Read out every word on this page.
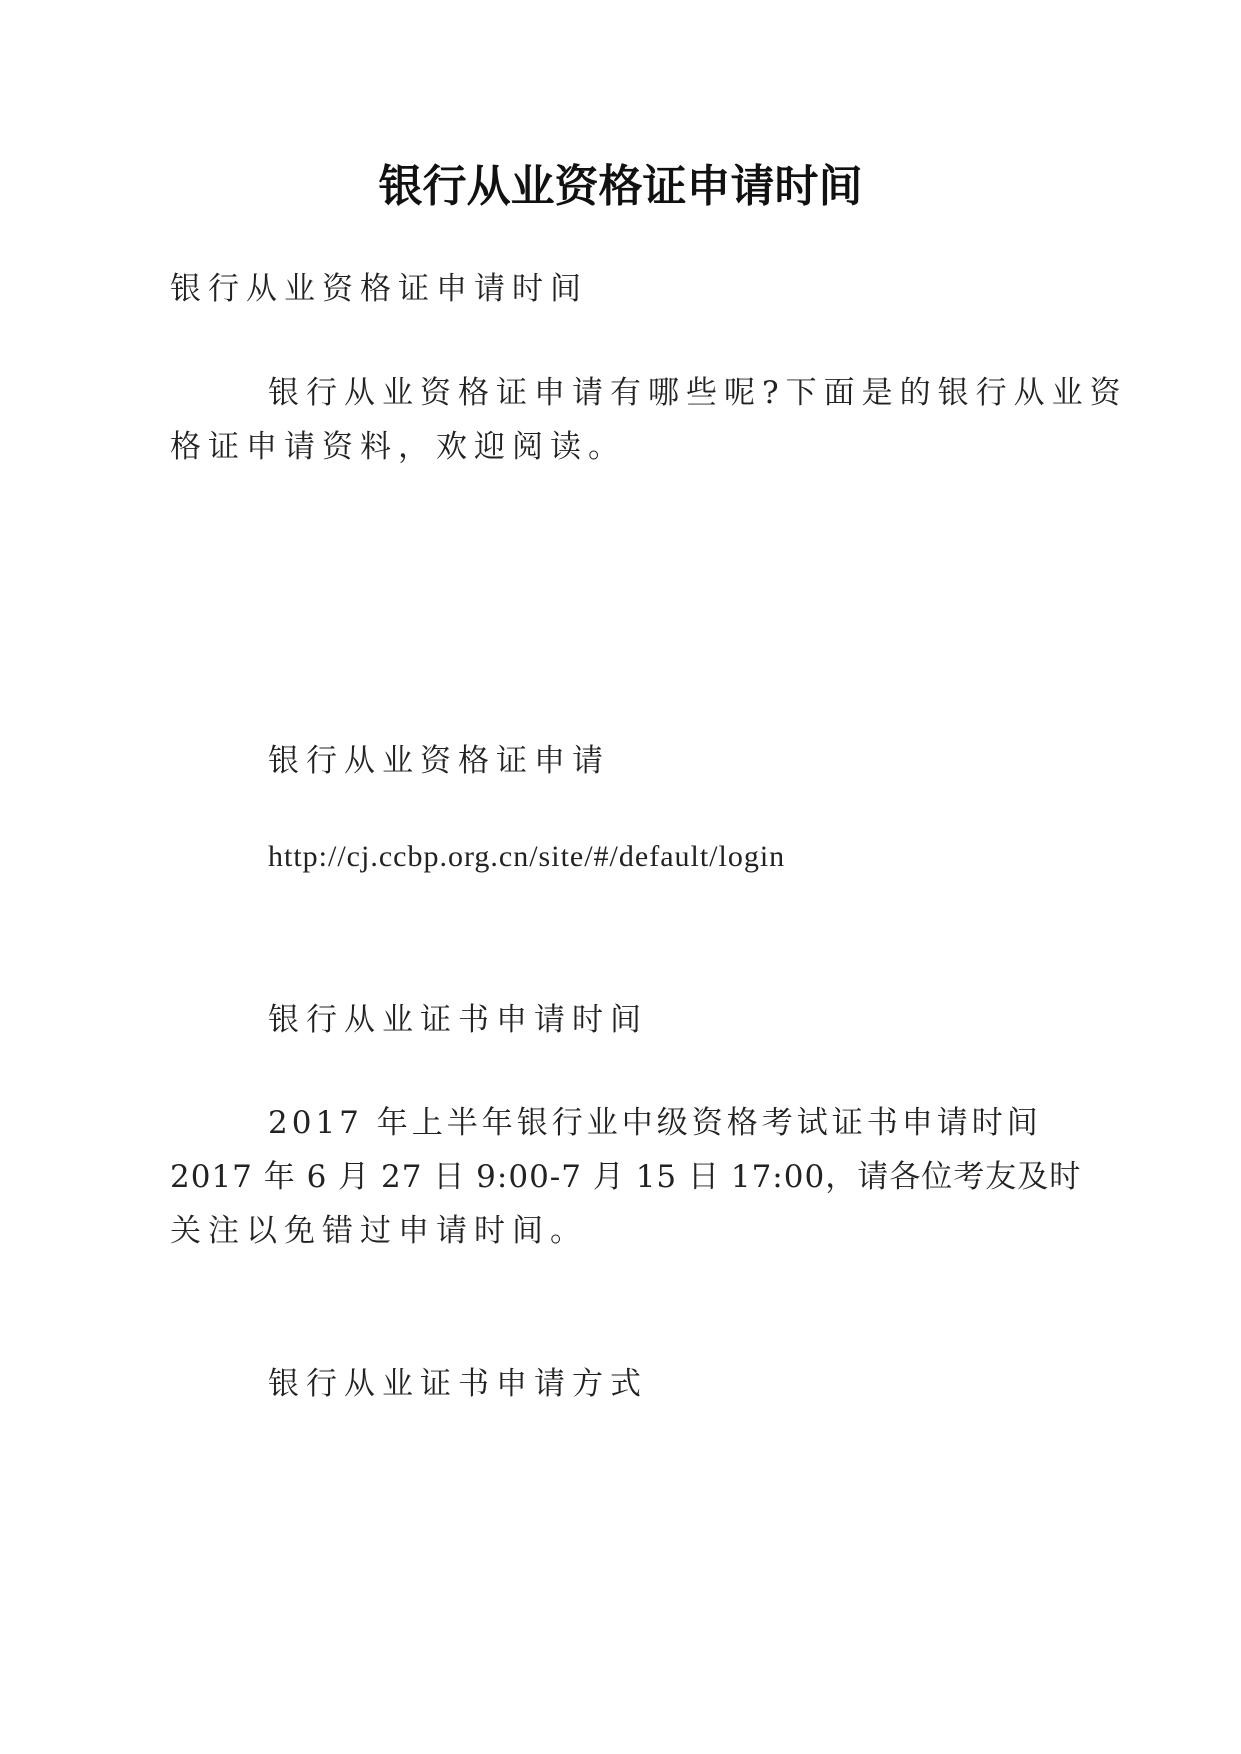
银行从业资格证申请时间

银行从业资格证申请时间

银行从业资格证申请有哪些呢?下面是的银行从业资

格证申请资料，欢迎阅读。

银行从业资格证申请

http://cj.ccbp.org.cn/site/#/default/login

银行从业证书申请时间

2017 年上半年银行业中级资格考试证书申请时间

2017 年 6 月 27 日 9:00-7 月 15 日 17:00，请各位考友及时

关注以免错过申请时间。

银行从业证书申请方式
